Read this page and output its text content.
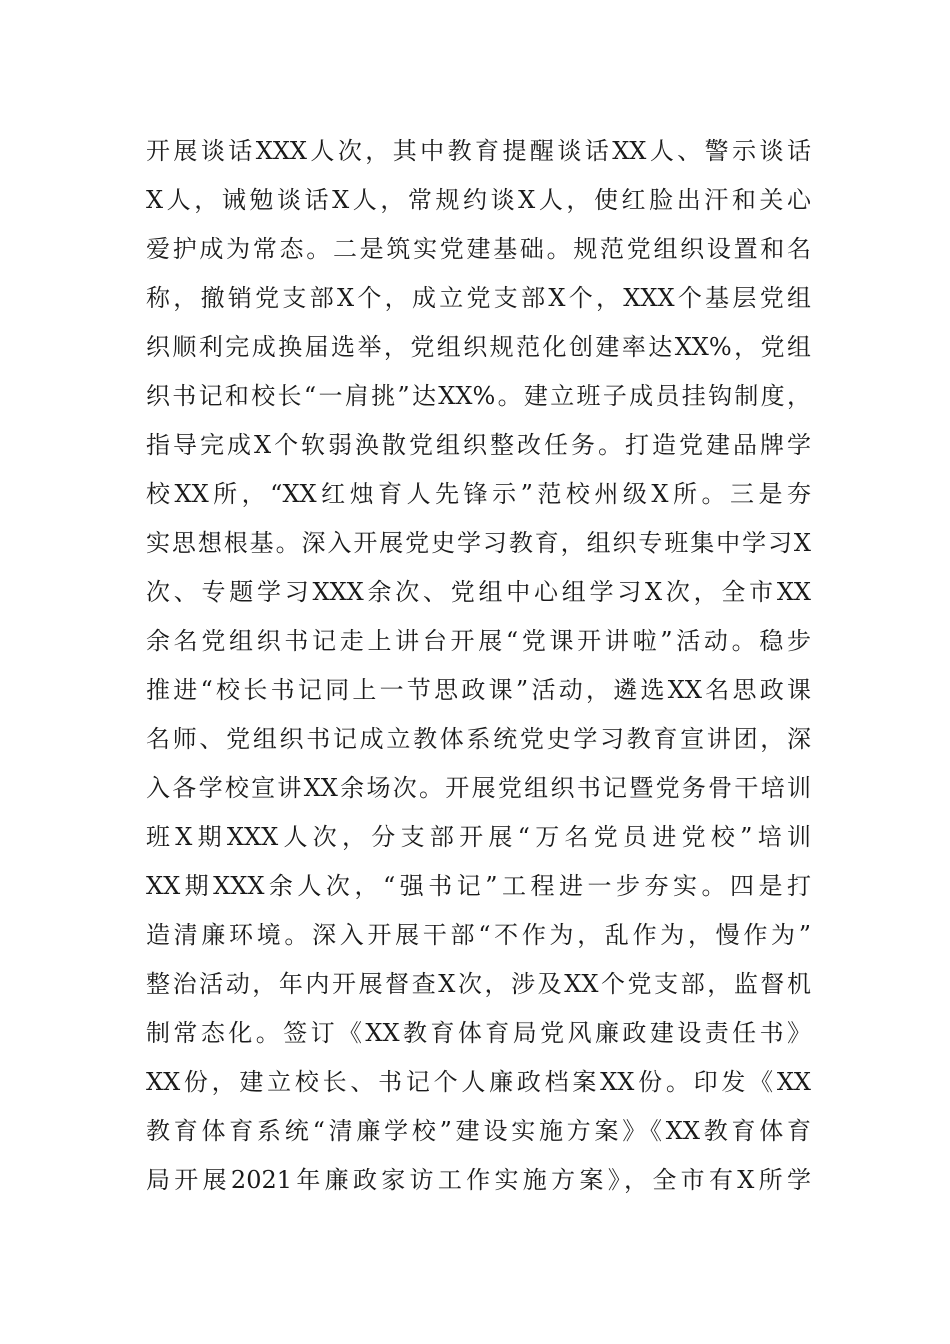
开展谈话XXX人次，其中教育提醒谈话XX人、警示谈话
X人，诫勉谈话X人，常规约谈X人，使红脸出汗和关心
爱护成为常态。二是筑实党建基础。规范党组织设置和名
称，撤销党支部X个，成立党支部X个，XXX个基层党组
织顺利完成换届选举，党组织规范化创建率达XX%，党组
织书记和校长“一肩挑”达XX%。建立班子成员挂钩制度，
指导完成X个软弱涣散党组织整改任务。打造党建品牌学
校XX所，“XX红烛育人先锋示”范校州级X所。三是夯
实思想根基。深入开展党史学习教育，组织专班集中学习X
次、专题学习XXX余次、党组中心组学习X次，全市XX
余名党组织书记走上讲台开展“党课开讲啦”活动。稳步
推进“校长书记同上一节思政课”活动，遴选XX名思政课
名师、党组织书记成立教体系统党史学习教育宣讲团，深
入各学校宣讲XX余场次。开展党组织书记暨党务骨干培训
班X期XXX人次，分支部开展“万名党员进党校”培训
XX期XXX余人次，“强书记”工程进一步夯实。四是打
造清廉环境。深入开展干部“不作为，乱作为，慢作为”
整治活动，年内开展督查X次，涉及XX个党支部，监督机
制常态化。签订《XX教育体育局党风廉政建设责任书》
XX份，建立校长、书记个人廉政档案XX份。印发《XX
教育体育系统“清廉学校”建设实施方案》《XX教育体育
局开展2021年廉政家访工作实施方案》，全市有X所学
